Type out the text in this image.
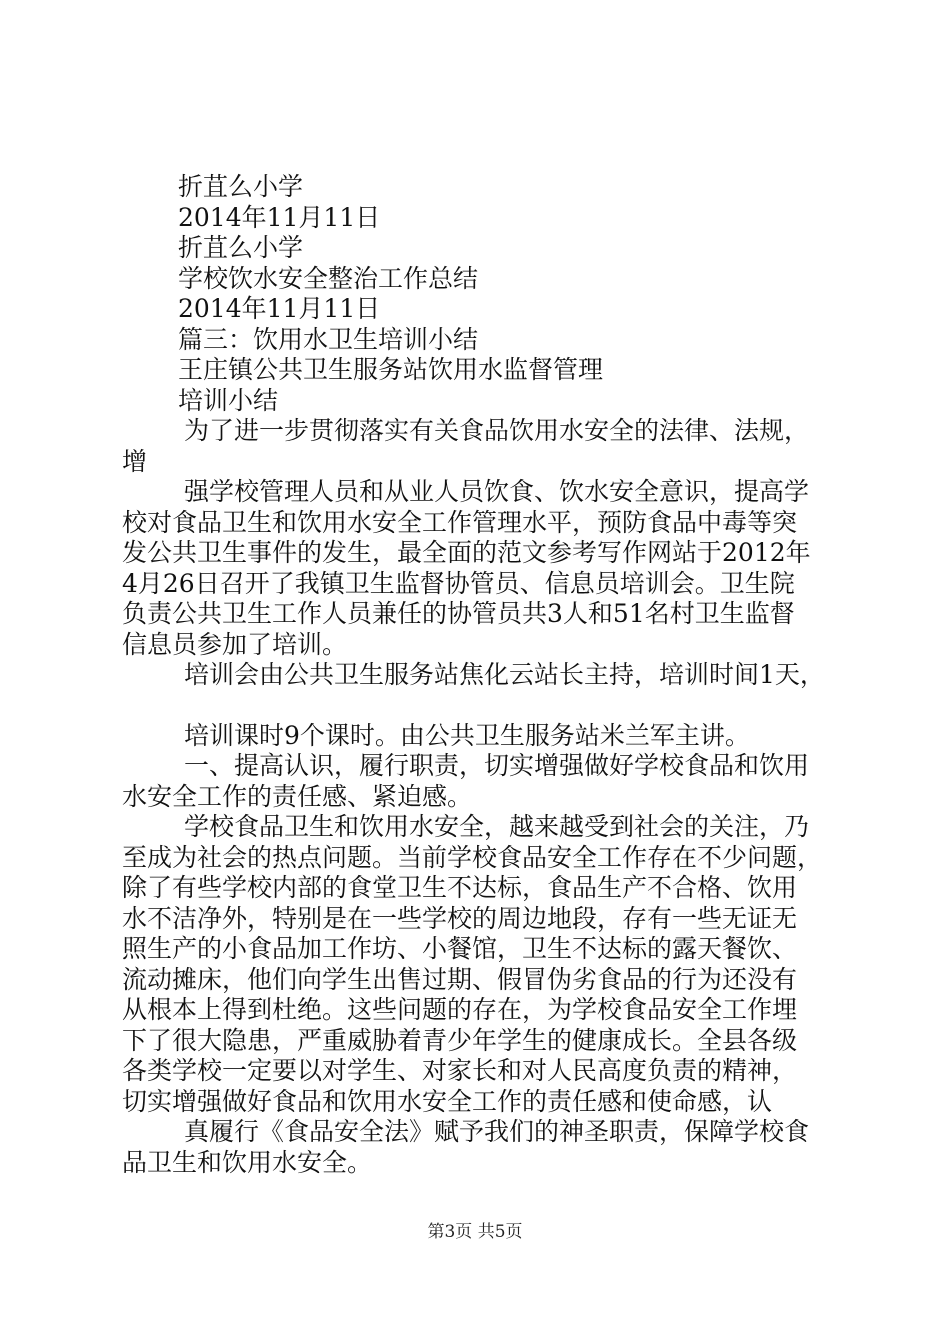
折苴么小学
2014年11月11日
折苴么小学
学校饮水安全整治工作总结
2014年11月11日
篇三：饮用水卫生培训小结
王庄镇公共卫生服务站饮用水监督管理
培训小结
为了进一步贯彻落实有关食品饮用水安全的法律、法规，
增
强学校管理人员和从业人员饮食、饮水安全意识，提高学
校对食品卫生和饮用水安全工作管理水平，预防食品中毒等突
发公共卫生事件的发生，最全面的范文参考写作网站于2012年
4月26日召开了我镇卫生监督协管员、信息员培训会。卫生院
负责公共卫生工作人员兼任的协管员共3人和51名村卫生监督
信息员参加了培训。
培训会由公共卫生服务站焦化云站长主持，培训时间1天，
培训课时9个课时。由公共卫生服务站米兰军主讲。
一、提高认识，履行职责，切实增强做好学校食品和饮用
水安全工作的责任感、紧迫感。
学校食品卫生和饮用水安全，越来越受到社会的关注，乃
至成为社会的热点问题。当前学校食品安全工作存在不少问题，
除了有些学校内部的食堂卫生不达标，食品生产不合格、饮用
水不洁净外，特别是在一些学校的周边地段，存有一些无证无
照生产的小食品加工作坊、小餐馆，卫生不达标的露天餐饮、
流动摊床，他们向学生出售过期、假冒伪劣食品的行为还没有
从根本上得到杜绝。这些问题的存在，为学校食品安全工作埋
下了很大隐患，严重威胁着青少年学生的健康成长。全县各级
各类学校一定要以对学生、对家长和对人民高度负责的精神，
切实增强做好食品和饮用水安全工作的责任感和使命感，认
真履行《食品安全法》赋予我们的神圣职责，保障学校食
品卫生和饮用水安全。
第3页 共5页
